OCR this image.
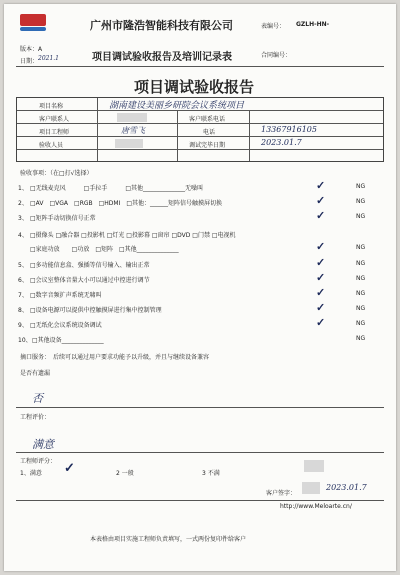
广州市隆浩智能科技有限公司	表编号： GZLH-HN-
版本：A
日期： 2021.1	项目调试验收报告及培训记录表	合同编号：
项目调试验收报告
项目名称	湖南建设美丽乡研院会议系统项目
客户联系人	客户联系电话
项目工程师	唐雪飞	电话	13367916105
验收人员	调试完毕日期	2023.01.7
验收事项：（在□打√选择）
1、 □无线麦克风　　　□手拉手　　　□其他______________无噪叫	✓	NG
2、 □AV　□VGA　□RGB　□HDMI　□其他：______矩阵信号触摸屏切换	✓	NG
3、 □矩阵手动切换信号正常	✓	NG
4、 □摄像头 □融合器 □投影机 □灯光 □投影幕 □窗帘 □DVD □门禁 □电视机
□家庭功放　　□功放　□矩阵　□其他______________	✓	NG
5、 □多功能信息盒、强插等信号输入、输出正常	✓	NG
6、 □会议室整体音量大小可以通过中控进行调节	✓	NG
7、 □数字音频扩声系统无啸叫	✓	NG
8、 □设备电源可以提供中控触摸屏进行集中控制管理	✓	NG
9、 □无纸化会议系统设备调试	✓	NG
10、 □其他设备______________	NG
摘口服务：　后续可以通过用户要求功能予以升级，并且与继续设备兼容
是否有遗漏
否
工程评价：
满意
工程师评分：
1、满意 ✓	2 一般	3 不满
客户签字：
2023.01.7
http://www.Meloarte.cn/
本表格由项目实施工程师负责填写，一式两份复印件给客户
